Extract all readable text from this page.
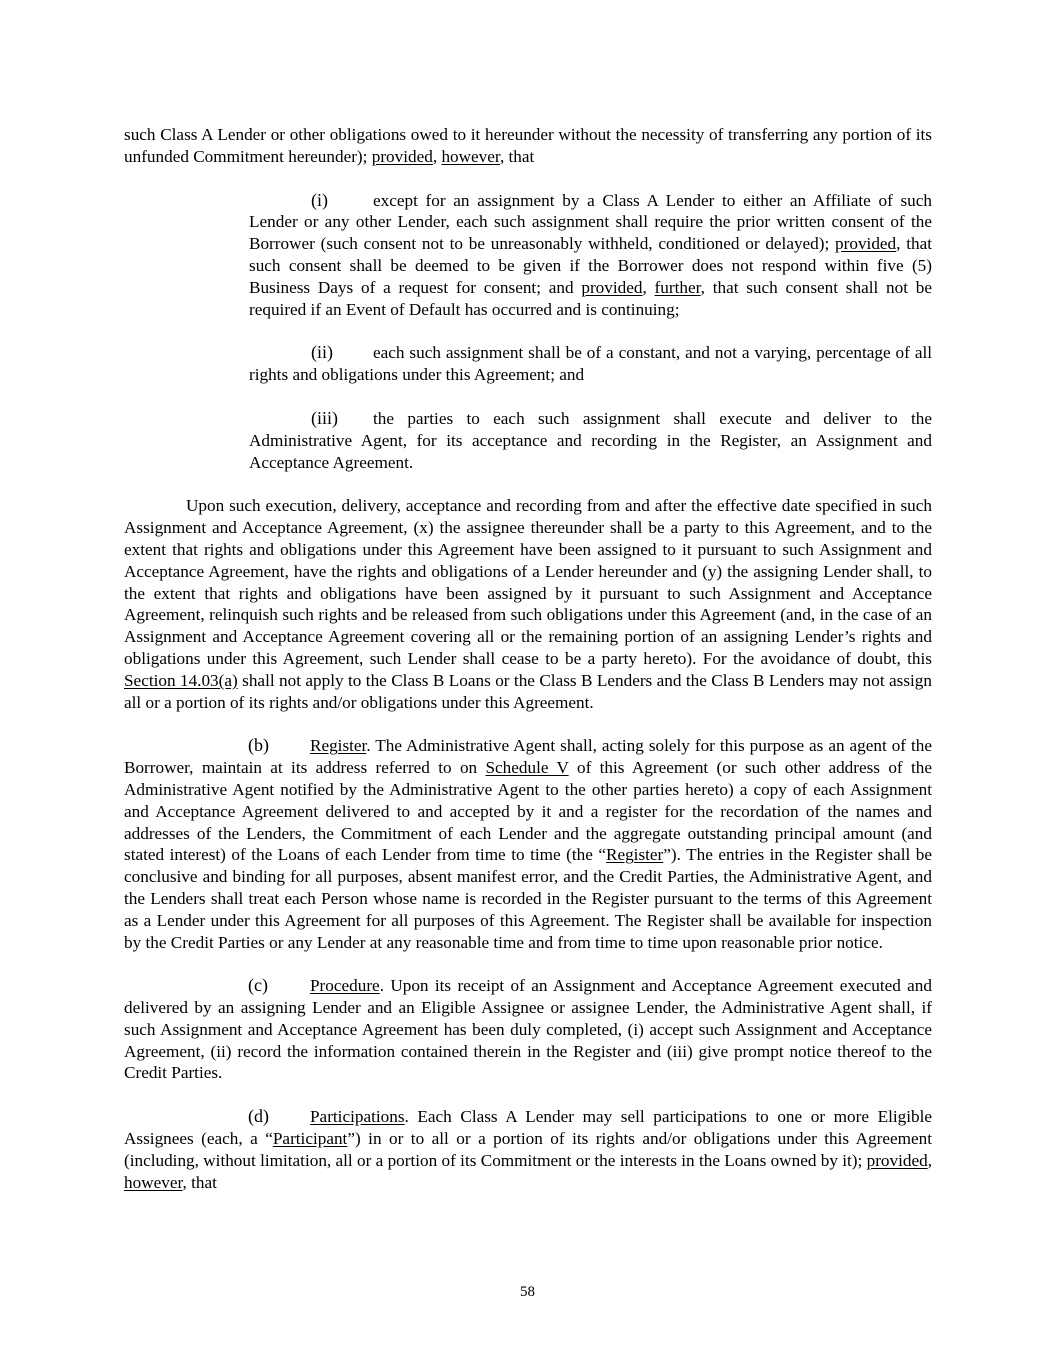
such Class A Lender or other obligations owed to it hereunder without the necessity of transferring any portion of its unfunded Commitment hereunder); provided, however, that

(i)	except for an assignment by a Class A Lender to either an Affiliate of such Lender or any other Lender, each such assignment shall require the prior written consent of the Borrower (such consent not to be unreasonably withheld, conditioned or delayed); provided, that such consent shall be deemed to be given if the Borrower does not respond within five (5) Business Days of a request for consent; and provided, further, that such consent shall not be required if an Event of Default has occurred and is continuing;

(ii) each such assignment shall be of a constant, and not a varying, percentage of all rights and obligations under this Agreement; and

(iii) the parties to each such assignment shall execute and deliver to the Administrative Agent, for its acceptance and recording in the Register, an Assignment and Acceptance Agreement.

Upon such execution, delivery, acceptance and recording from and after the effective date specified in such Assignment and Acceptance Agreement, (x) the assignee thereunder shall be a party to this Agreement, and to the extent that rights and obligations under this Agreement have been assigned to it pursuant to such Assignment and Acceptance Agreement, have the rights and obligations of a Lender hereunder and (y) the assigning Lender shall, to the extent that rights and obligations have been assigned by it pursuant to such Assignment and Acceptance Agreement, relinquish such rights and be released from such obligations under this Agreement (and, in the case of an Assignment and Acceptance Agreement covering all or the remaining portion of an assigning Lender’s rights and obligations under this Agreement, such Lender shall cease to be a party hereto). For the avoidance of doubt, this Section 14.03(a) shall not apply to the Class B Loans or the Class B Lenders and the Class B Lenders may not assign all or a portion of its rights and/or obligations under this Agreement.

(b) Register. The Administrative Agent shall, acting solely for this purpose as an agent of the Borrower, maintain at its address referred to on Schedule V of this Agreement (or such other address of the Administrative Agent notified by the Administrative Agent to the other parties hereto) a copy of each Assignment and Acceptance Agreement delivered to and accepted by it and a register for the recordation of the names and addresses of the Lenders, the Commitment of each Lender and the aggregate outstanding principal amount (and stated interest) of the Loans of each Lender from time to time (the “Register”). The entries in the Register shall be conclusive and binding for all purposes, absent manifest error, and the Credit Parties, the Administrative Agent, and the Lenders shall treat each Person whose name is recorded in the Register pursuant to the terms of this Agreement as a Lender under this Agreement for all purposes of this Agreement. The Register shall be available for inspection by the Credit Parties or any Lender at any reasonable time and from time to time upon reasonable prior notice.

(c) Procedure. Upon its receipt of an Assignment and Acceptance Agreement executed and delivered by an assigning Lender and an Eligible Assignee or assignee Lender, the Administrative Agent shall, if such Assignment and Acceptance Agreement has been duly completed, (i) accept such Assignment and Acceptance Agreement, (ii) record the information contained therein in the Register and (iii) give prompt notice thereof to the Credit Parties.

(d) Participations. Each Class A Lender may sell participations to one or more Eligible Assignees (each, a “Participant”) in or to all or a portion of its rights and/or obligations under this Agreement (including, without limitation, all or a portion of its Commitment or the interests in the Loans owned by it); provided, however, that

58
